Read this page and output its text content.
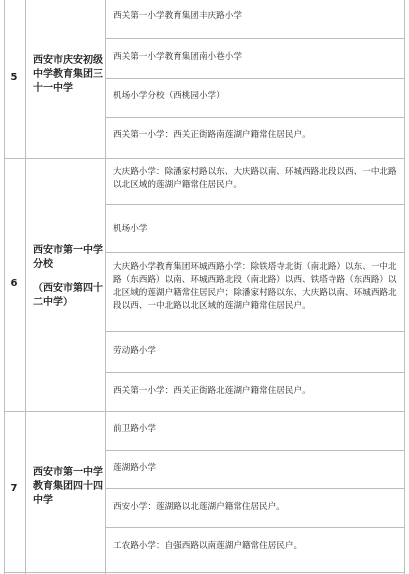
5
西安市庆安初级
中学教育集团三
十一中学
西关第一小学教育集团丰庆路小学
西关第一小学教育集团南小巷小学
机场小学分校（西桃园小学）
西关第一小学：西关正街路南莲湖户籍常住居民户。
6
西安市第一中学
分校
（西安市第四十
二中学）
大庆路小学：除潘家村路以东、大庆路以南、环城西路北段以西、一中北路以北区域的莲湖户籍常住居民户。
机场小学
大庆路小学教育集团环城西路小学：除铁塔寺北街（南北路）以东、一中北路（东西路）以南、环城西路北段（南北路）以西、铁塔寺路（东西路）以北区域的莲湖户籍常住居民户；除潘家村路以东、大庆路以南、环城西路北段以西、一中北路以北区域的莲湖户籍常住居民户。
劳动路小学
西关第一小学：西关正街路北莲湖户籍常住居民户。
7
西安市第一中学
教育集团四十四
中学
前卫路小学
莲湖路小学
西安小学：莲湖路以北莲湖户籍常住居民户。
工农路小学：自强西路以南莲湖户籍常住居民户。
